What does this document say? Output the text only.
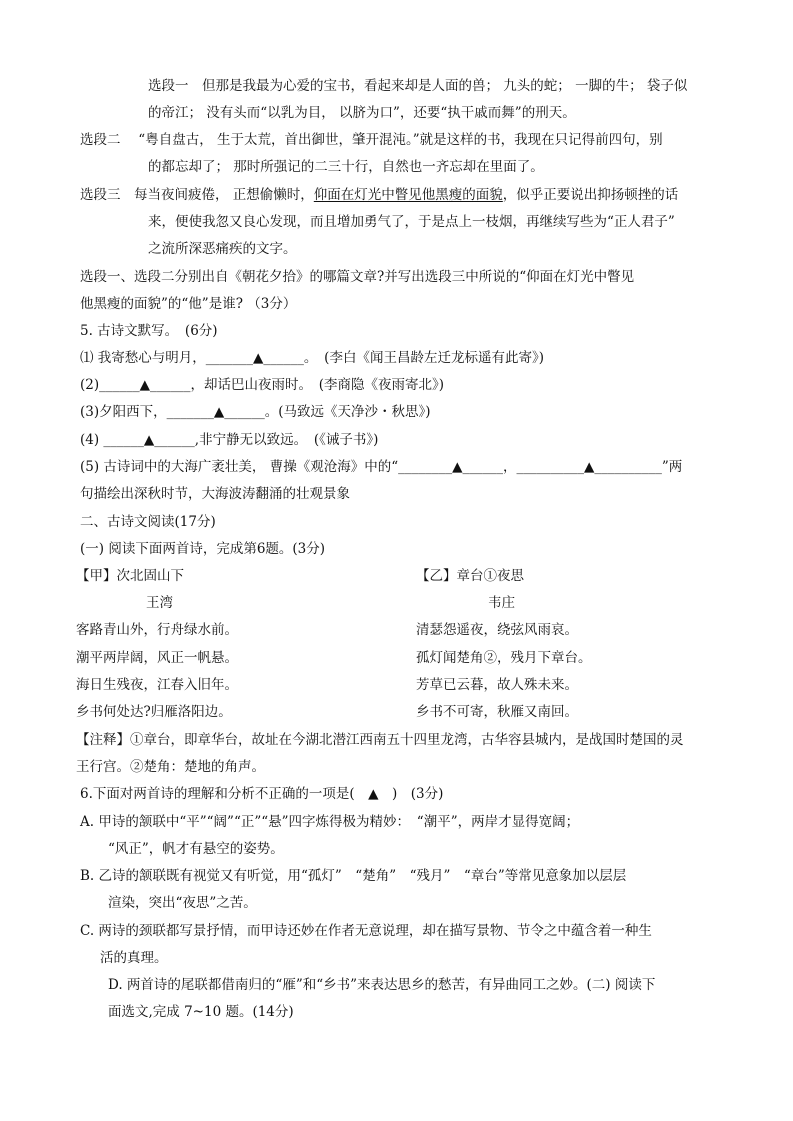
选段一　但那是我最为心爱的宝书，看起来却是人面的兽； 九头的蛇； 一脚的牛； 袋子似
的帝江； 没有头而“以乳为目， 以脐为口”，还要“执干戚而舞”的刑天。
选段二　 “粤自盘古， 生于太荒，首出御世，肇开混沌。”就是这样的书，我现在只记得前四句，别
的都忘却了； 那时所强记的二三十行，自然也一齐忘却在里面了。
选段三　每当夜间疲倦， 正想偷懒时，仰面在灯光中瞥见他黑瘦的面貌，似乎正要说出抑扬顿挫的话
来，便使我忽又良心发现，而且增加勇气了，于是点上一枝烟，再继续写些为“正人君子”
之流所深恶痛疾的文字。
选段一、选段二分别出自《朝花夕拾》的哪篇文章?并写出选段三中所说的“仰面在灯光中瞥见
他黑瘦的面貌”的“他”是谁? （3分）
5. 古诗文默写。　(6分)
⑴ 我寄愁心与明月，_______▲______。　(李白《闻王昌龄左迁龙标遥有此寄》)
(2)______▲______，却话巴山夜雨时。　(李商隐《夜雨寄北》)
(3)夕阳西下，_______▲______。(马致远《天净沙・秋思》)
(4) ______▲______,非宁静无以致远。　(《诫子书》)
(5) 古诗词中的大海广袤壮美， 曹操《观沧海》中的“________▲______，__________▲__________”两
句描绘出深秋时节，大海波涛翻涌的壮观景象
二、古诗文阅读(17分)
(一) 阅读下面两首诗，完成第6题。(3分)
【甲】次北固山下	【乙】章台①夜思
王湾	韦庄
客路青山外，行舟绿水前。	清瑟怨遥夜，绕弦风雨哀。
潮平两岸阔，风正一帆悬。	孤灯闻楚角②，残月下章台。
海日生残夜，江春入旧年。	芳草已云暮，故人殊未来。
乡书何处达?归雁洛阳边。	乡书不可寄，秋雁又南回。
【注释】①章台，即章华台，故址在今湖北潜江西南五十四里龙湾，古华容县城内，是战国时楚国的灵
王行宫。②楚角：楚地的角声。
6.下面对两首诗的理解和分析不正确的一项是(　▲　)　(3分)
A. 甲诗的颔联中“平”“阔”“正”“悬”四字炼得极为精妙：　“潮平”，两岸才显得宽阔；
“风正”，帆才有悬空的姿势。
B. 乙诗的颔联既有视觉又有听觉，用“孤灯”　“楚角”　“残月”　“章台”等常见意象加以层层
渲染，突出“夜思”之苦。
C. 两诗的颈联都写景抒情，而甲诗还妙在作者无意说理，却在描写景物、节令之中蕴含着一种生
活的真理。
D. 两首诗的尾联都借南归的“雁”和“乡书”来表达思乡的愁苦，有异曲同工之妙。(二) 阅读下
面选文,完成 7~10 题。(14分)
